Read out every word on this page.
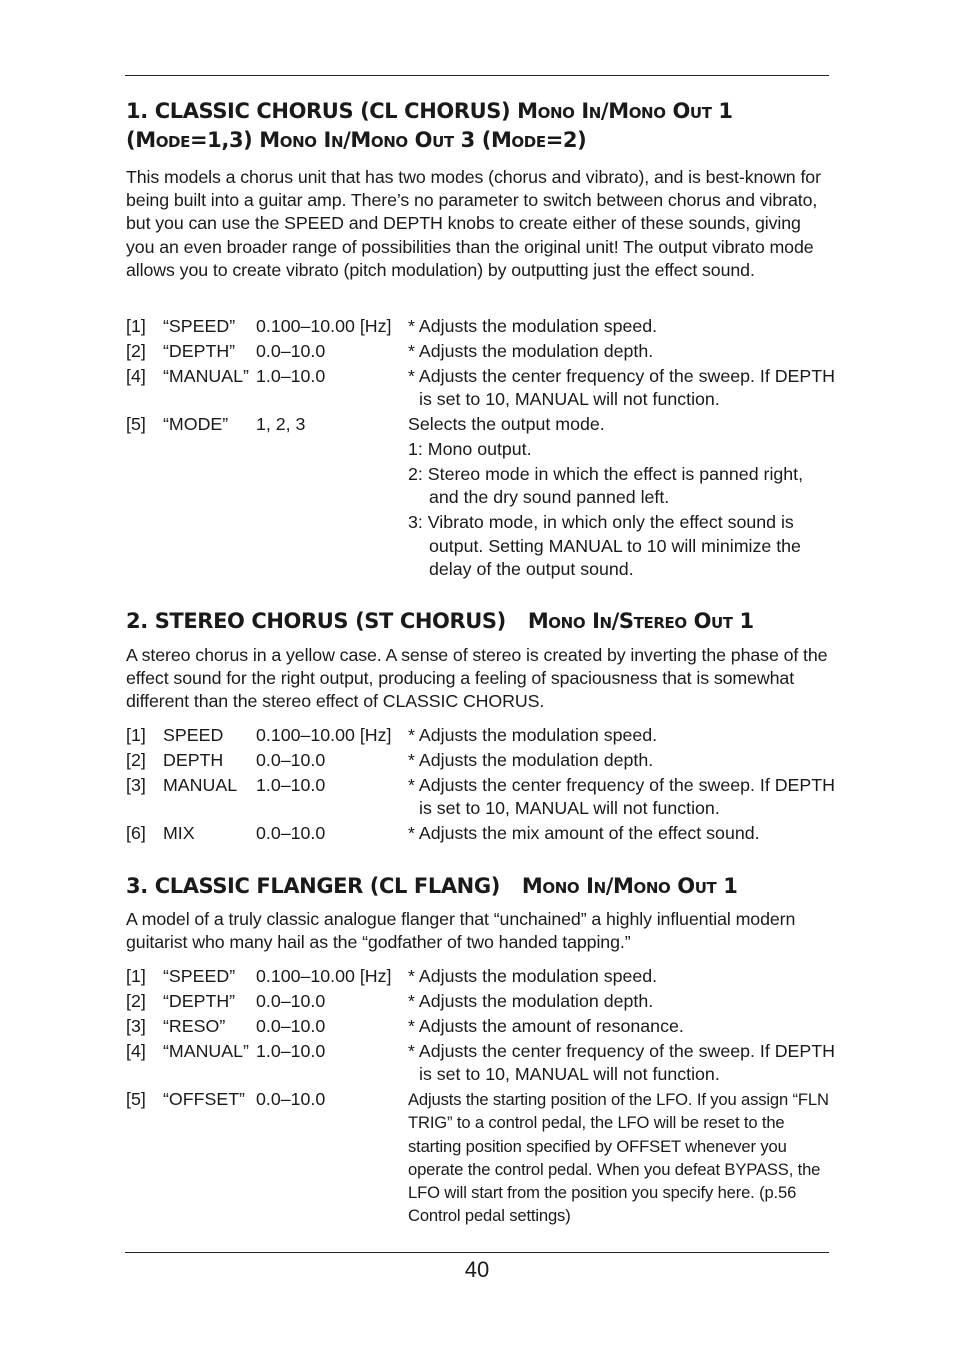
1. CLASSIC CHORUS (CL CHORUS) Mono In/Mono Out 1
(Mode=1,3) Mono In/Mono Out 3 (Mode=2)

This models a chorus unit that has two modes (chorus and vibrato), and is best-known for being built into a guitar amp. There’s no parameter to switch between chorus and vibrato, but you can use the SPEED and DEPTH knobs to create either of these sounds, giving you an even broader range of possibilities than the original unit! The output vibrato mode allows you to create vibrato (pitch modulation) by outputting just the effect sound.

[1] “SPEED”	0.100–10.00 [Hz] * Adjusts the modulation speed.
[2] “DEPTH”	0.0–10.0	* Adjusts the modulation depth.
[4] “MANUAL” 1.0–10.0	* Adjusts the center frequency of the sweep. If DEPTH is set to 10, MANUAL will not function.
[5] “MODE”	1, 2, 3	Selects the output mode.
1: Mono output.
2: Stereo mode in which the effect is panned right, and the dry sound panned left.
3: Vibrato mode, in which only the effect sound is output. Setting MANUAL to 10 will minimize the delay of the output sound.
2. STEREO CHORUS (ST CHORUS) Mono In/Stereo Out 1

A stereo chorus in a yellow case. A sense of stereo is created by inverting the phase of the effect sound for the right output, producing a feeling of spaciousness that is somewhat different than the stereo effect of CLASSIC CHORUS.

[1] SPEED	0.100–10.00 [Hz] * Adjusts the modulation speed.
[2] DEPTH	0.0–10.0	* Adjusts the modulation depth.
[3] MANUAL	1.0–10.0	* Adjusts the center frequency of the sweep. If DEPTH is set to 10, MANUAL will not function.
[6] MIX	0.0–10.0	* Adjusts the mix amount of the effect sound.
3. CLASSIC FLANGER (CL FLANG) Mono In/Mono Out 1

A model of a truly classic analogue flanger that “unchained” a highly influential modern guitarist who many hail as the “godfather of two handed tapping.”

[1] “SPEED”	0.100–10.00 [Hz] * Adjusts the modulation speed.
[2] “DEPTH”	0.0–10.0	* Adjusts the modulation depth.
[3] “RESO”	0.0–10.0	* Adjusts the amount of resonance.
[4] “MANUAL” 1.0–10.0	* Adjusts the center frequency of the sweep. If DEPTH is set to 10, MANUAL will not function.
[5] “OFFSET” 0.0–10.0	Adjusts the starting position of the LFO. If you assign “FLN TRIG” to a control pedal, the LFO will be reset to the starting position specified by OFFSET whenever you operate the control pedal. When you defeat BYPASS, the LFO will start from the position you specify here. (p.56 Control pedal settings)
40
